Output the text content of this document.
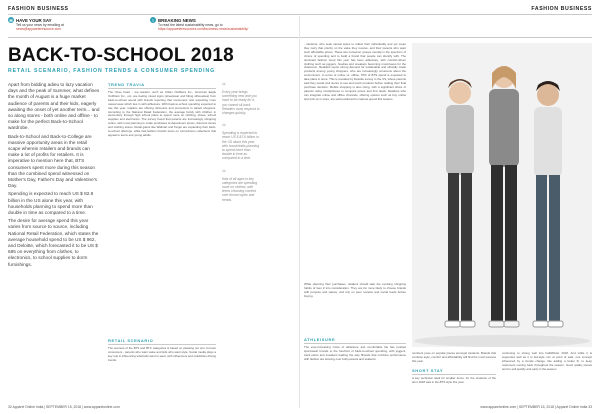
FASHION BUSINESS	FASHION BUSINESS
✉ HAVE YOUR SAY
Tell us your news by emailing at
news@appareleresource.com
≡ BREAKING NEWS
To read the latest sustainability news, go to
https://appareleresources.com/business-news/sustainability/
BACK-TO-SCHOOL 2018
RETAIL SCENARIO, FASHION TRENDS & CONSUMER SPENDING

Apart from bidding adieu to lazy vacation days and the peak of Summer, what defines the month of August is a huge market audience of parents and their kids, eagerly awaiting the onset of yet another term... and so along stores - both online and offline - to make for the perfect Back-to-School wardrobe.

Back-to-School and Back-to-College are massive opportunity areas in the retail scape wherein retailers and brands can make a lot of profits for retailers. It is imperative to mention here that, BTS consumers spent more during this season than the combined spend witnessed on Mother's Day, Father's Day and Valentine's Day.

Spending is expected to reach US $ 82.8 billion in the US alone this year, with households planning to spend more than double in time as compared to a time.

The desire for average spend this year varies from source to source, including National Retail Federation, which states the average household spend to be US $ 962, and Deloitte, which forecasted it to be US $ 685 on everything from clothes, to electronics, to school supplies to dorm furnishings.

TREND TRAVIA
The 'three basic - top leaders, such as Urban Outfitters Inc., American Eagle Outfitters Inc., etc. are feeling mixed signs (streetwear and fitting silhouettes) from back-to-school spend with brands reporting that consumers now expecting more casual wear which ties in with athleisure. With back-to-school spending expected to rise this year, retailers are offering discounts and promotions to attract shoppers. According to the National Retail Federation, the average family with children in elementary through high school plans to spend more on clothing, shoes, school supplies and electronics. The survey found that parents are increasingly shopping online, with most planning to make purchases at department stores, discount stores and clothing stores. Retail giants like Walmart and Target are expanding their back-to-school offerings, while fast-fashion brands focus on trend-driven collections that appeal to teens and young adults.
RETAIL SCENARIO
The success of the BTS and BTC categories is based on pleasing not one, but two consumers - parents who want value and kids who want style. Social media plays a key role in influencing what kids want to wear, with influencers and celebrities driving trends.
“
Every year brings something new and you have to be ready for it, you cannot sit back. Retailers must respond to changes quickly.
“
Spending is expected to reach US $ 82.8 billion in the US alone this year, with households planning to spend more than double in time as compared to a time.
“
Kids of all ages in key categories are spending more on clothes, with teens choosing comfort over formal styles and trends.
- students, who seek casual styles to reflect their individuality and yet mean they carry that priority on the value they receive, and their parents who want such affordable prices. These two consumer groups overlap in the spectrum of choice of spending and to build a brand that people can identify with. The dominant fashion trend this year has been athleisure, with comfort-driven clothing such as joggers, hoodies and sneakers becoming must-haves for the classroom. Retailers report strong demand for sustainable and ethically made products among young shoppers, who are increasingly conscious about the environment. In terms of online vs. offline, 57% of BTS spend is expected to take place in store. This is revealed by Deloitte survey in the US, where parents said they would visit stores to see and touch products before making their final purchase decision. Mobile shopping is also rising, with a significant share of parents using smartphones to compare prices and find deals. Retailers who can integrate online and offline channels, offering options such as buy online and pick up in store, are well positioned to capture spend this season.
While planning their purchases, retailers should take the evolving shopping habits of Gen Z into consideration. They are far more likely to choose brands with purpose and values, and rely on peer reviews and social feeds before buying.
ATHLEISURE
The ever-increasing craze of athleisure and comfortable fits has pushed sportswear brands to the forefront of back-to-school spending, with joggers, track pants and sneakers leading the way. Brands that combine performance with fashion are winning over both parents and students.
numbers pose on popular pieces amongst students. Brands that combine style, comfort and affordability will find the most success this year.
SHORT STAY
A key technical retail for smaller items, for the students of the term 2018 was in the BTS style this year.
continuing to strong well into Fall/Winter 2018. And while it is supported well as it is kid-style mix at point of sale, one concept influenced by a simple change, like adding a better fit, to keep customers coming back throughout the season. Good quality pieces tend to sell quickly and early in the season.
32 Apparel Online India | SEPTEMBER 15, 2018 | www.apparelonline.com	www.apparelonline.com | SEPTEMBER 15, 2018 | Apparel Online India 33
